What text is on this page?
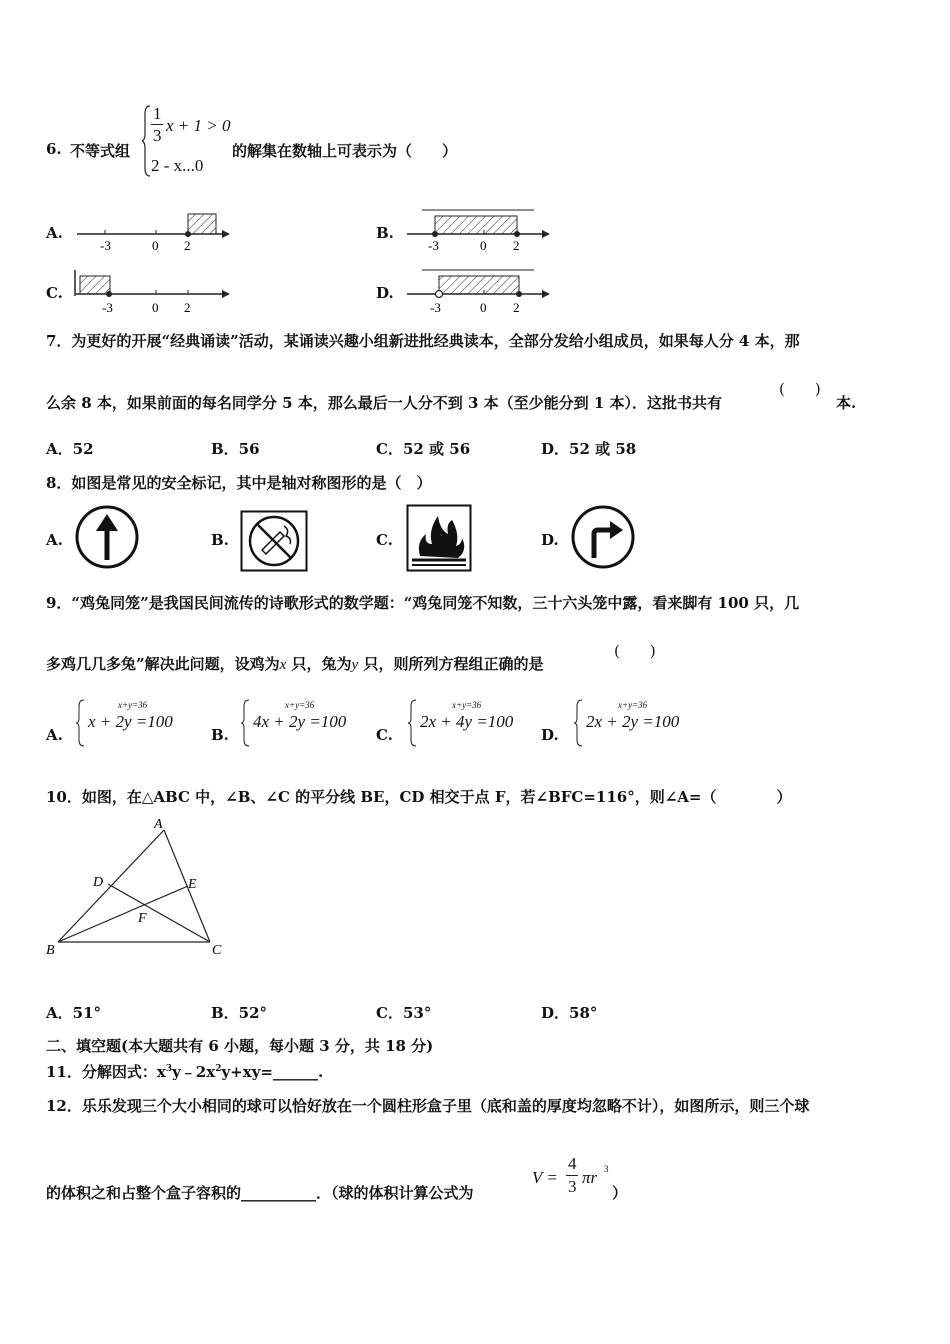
6. 不等式组
1
3
x + 1 > 0
2 - x...0
的解集在数轴上可表示为（　　）
A.
-3	0 2
B.
-3	0 2
C.
-3	0 2
D.
-3	0 2
7．为更好的开展“经典诵读”活动，某诵读兴趣小组新进批经典读本，全部分发给小组成员，如果每人分 4 本，那
么余 8 本，如果前面的每名同学分 5 本，那么最后一人分不到 3 本（至少能分到 1 本）．这批书共有
(　　)
本.
A．52	B．56	C．52 或 56	D．52 或 58
8．如图是常见的安全标记，其中是轴对称图形的是（　）
A.	B.	C.	D.
9．“鸡兔同笼”是我国民间流传的诗歌形式的数学题：“鸡兔同笼不知数，三十六头笼中露，看来脚有 100 只，几
多鸡几几多兔”解决此问题，设鸡为x 只，兔为y 只，则所列方程组正确的是
(　　)
A.
x+y=36
x + 2y =100
B.
x+y=36
4x + 2y =100
C.
x+y=36
2x + 4y =100
D.
x+y=36
2x + 2y =100
10．如图，在△ABC 中，∠B、∠C 的平分线 BE，CD 相交于点 F，若∠BFC=116°，则∠A=（　　　　）
A
B	C
D	E
F
A．51°	B．52°	C．53°	D．58°
二、填空题(本大题共有 6 小题，每小题 3 分，共 18 分)
11．分解因式：$x^3y﹣2x^2y+xy=\_\_\_\_\_\_$.
12．乐乐发现三个大小相同的球可以恰好放在一个圆柱形盒子里（底和盖的厚度均忽略不计），如图所示，则三个球
的体积之和占整个盒子容积的__________．（球的体积计算公式为
V =
4
3 πr 3
）
